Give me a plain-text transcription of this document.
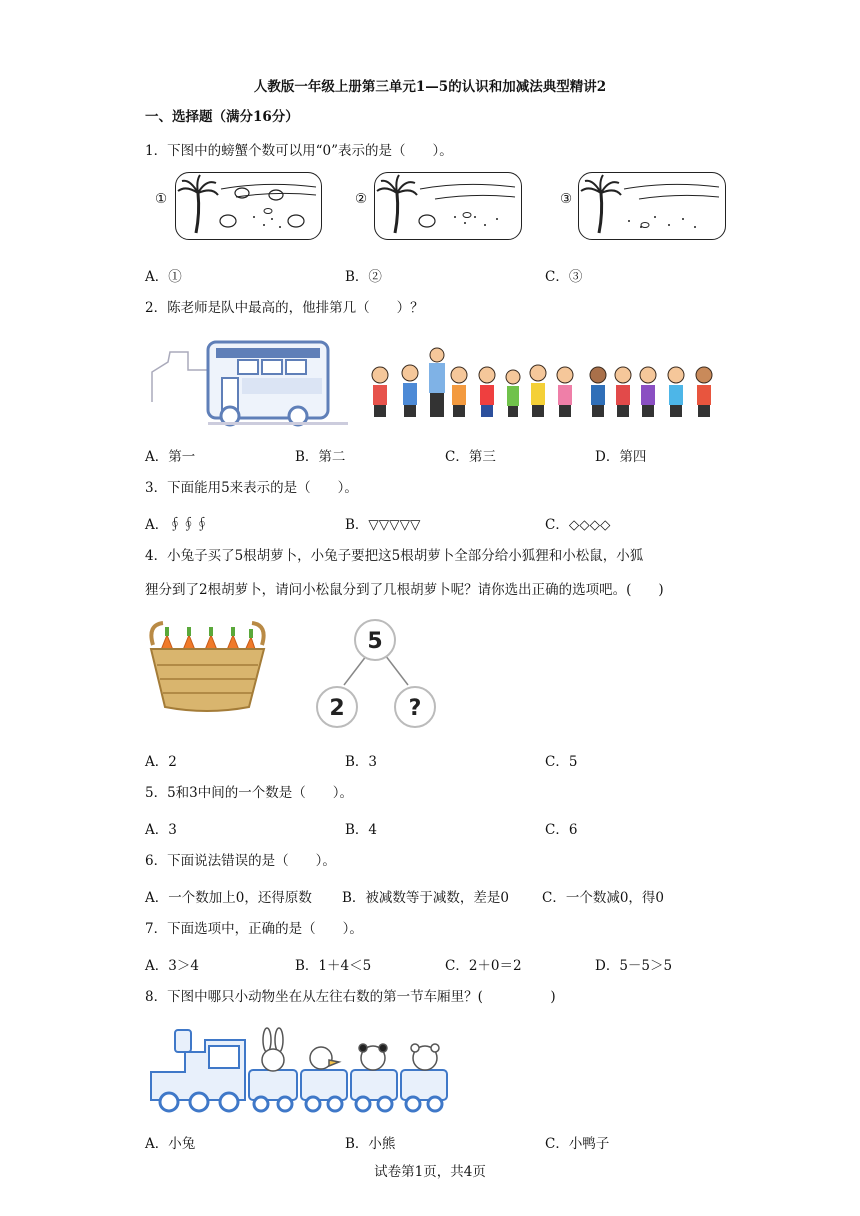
人教版一年级上册第三单元1—5的认识和加减法典型精讲2
一、选择题（满分16分）
1．下图中的螃蟹个数可以用“0”表示的是（　　）。
①	②	③
A．①	B．②	C．③
2．陈老师是队中最高的，他排第几（　　）？
A．第一	B．第二	C．第三	D．第四
3．下面能用5来表示的是（　　）。
A．∮∮∮	B．▽▽▽▽▽	C．◇◇◇◇
4．小兔子买了5根胡萝卜，小兔子要把这5根胡萝卜全部分给小狐狸和小松鼠，小狐
狸分到了2根胡萝卜，请问小松鼠分到了几根胡萝卜呢？请你选出正确的选项吧。(　　)
5
2	?
A．2	B．3	C．5
5．5和3中间的一个数是（　　）。
A．3	B．4	C．6
6．下面说法错误的是（　　）。
A．一个数加上0，还得原数 B．被减数等于减数，差是0 C．一个数减0，得0
7．下面选项中，正确的是（　　）。
A．3＞4	B．1＋4＜5	C．2＋0＝2	D．5－5＞5
8．下图中哪只小动物坐在从左往右数的第一节车厢里？(　　　　　)
A．小兔	B．小熊	C．小鸭子
试卷第1页，共4页
